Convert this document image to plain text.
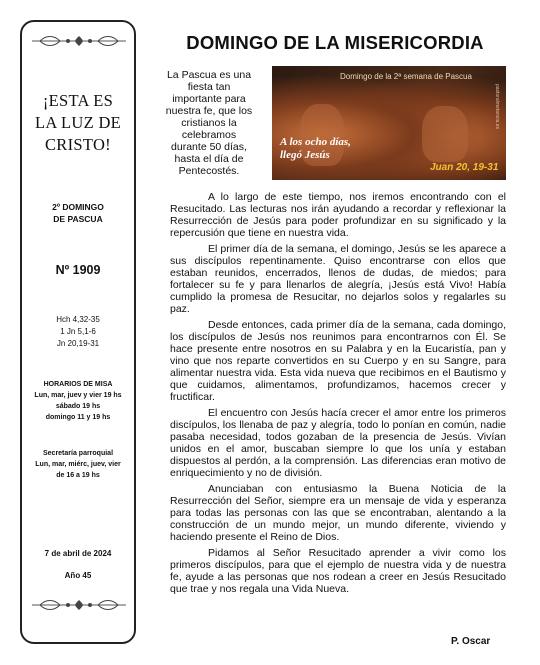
¡ESTA ES
LA LUZ DE
CRISTO!
2º DOMINGO
DE PASCUA
Nº 1909
Hch 4,32-35
1 Jn 5,1-6
Jn 20,19-31
HORARIOS DE MISA
Lun, mar, juev y vier 19 hs
sábado 19 hs
domingo 11 y 19 hs
Secretaría parroquial
Lun, mar, miérc, juev, vier
de 16 a 19 hs
7 de abril de 2024
Año 45
DOMINGO DE LA MISERICORDIA
La Pascua es una
fiesta tan
importante para
nuestra fe, que los
cristianos la
celebramos
durante 50 días,
hasta el día de
Pentecostés.
Domingo de la 2ª semana de Pascua
A los ocho días,
llegó Jesús
Juan 20, 19-31
pastoralmetanoia.es

A lo largo de este tiempo, nos iremos encontrando con el Resucitado. Las lecturas nos irán ayudando a recordar y reflexionar la Resurrección de Jesús para poder profundizar en su significado y la repercusión que tiene en nuestra vida.

El primer día de la semana, el domingo, Jesús se les aparece a sus discípulos repentinamente. Quiso encontrarse con ellos que estaban reunidos, encerrados, llenos de dudas, de miedos; para fortalecer su fe y para llenarlos de alegría, ¡Jesús está Vivo! Había cumplido la promesa de Resucitar, no dejarlos solos y regalarles su paz.

Desde entonces, cada primer día de la semana, cada domingo, los discípulos de Jesús nos reunimos para encontrarnos con Él. Se hace presente entre nosotros en su Palabra y en la Eucaristía, pan y vino que nos reparte convertidos en su Cuerpo y en su Sangre, para alimentar nuestra vida. Esta vida nueva que recibimos en el Bautismo y que cuidamos, alimentamos, profundizamos, hacemos crecer y fructificar.

El encuentro con Jesús hacía crecer el amor entre los primeros discípulos, los llenaba de paz y alegría, todo lo ponían en común, nadie pasaba necesidad, todos gozaban de la presencia de Jesús. Vivían unidos en el amor, buscaban siempre lo que los unía y estaban dispuestos al perdón, a la comprensión. Las diferencias eran motivo de enriquecimiento y no de división.

Anunciaban con entusiasmo la Buena Noticia de la Resurrección del Señor, siempre era un mensaje de vida y esperanza para todas las personas con las que se encontraban, alentando a la construcción de un mundo mejor, un mundo diferente, viviendo y haciendo presente el Reino de Dios.

Pidamos al Señor Resucitado aprender a vivir como los primeros discípulos, para que el ejemplo de nuestra vida y de nuestra fe, ayude a las personas que nos rodean a creer en Jesús Resucitado que trae y nos regala una Vida Nueva.

P. Oscar
